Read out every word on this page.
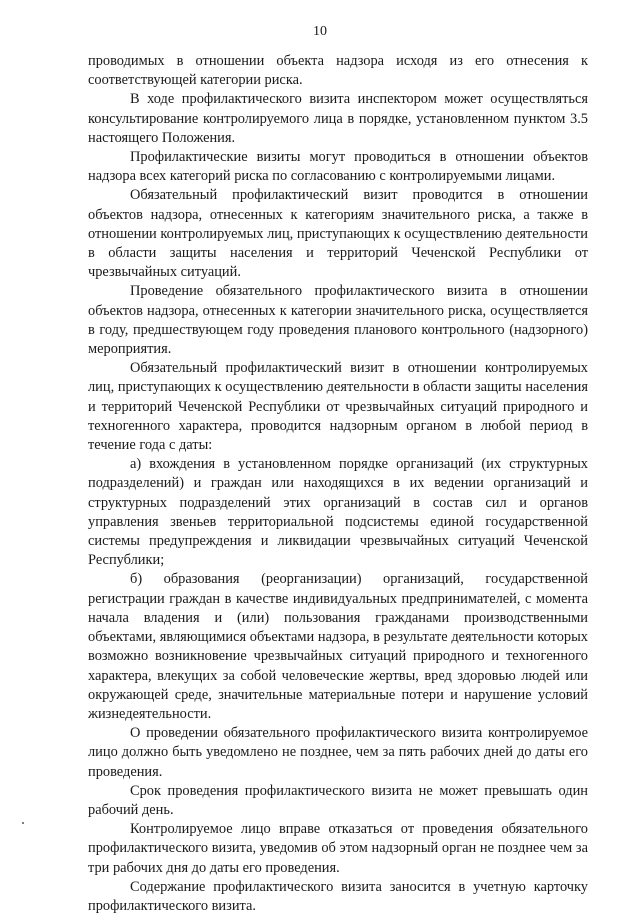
10

проводимых в отношении объекта надзора исходя из его отнесения к соответствующей категории риска.

В ходе профилактического визита инспектором может осуществляться консультирование контролируемого лица в порядке, установленном пунктом 3.5 настоящего Положения.

Профилактические визиты могут проводиться в отношении объектов надзора всех категорий риска по согласованию с контролируемыми лицами.

Обязательный профилактический визит проводится в отношении объектов надзора, отнесенных к категориям значительного риска, а также в отношении контролируемых лиц, приступающих к осуществлению деятельности в области защиты населения и территорий Чеченской Республики от чрезвычайных ситуаций.

Проведение обязательного профилактического визита в отношении объектов надзора, отнесенных к категории значительного риска, осуществляется в году, предшествующем году проведения планового контрольного (надзорного) мероприятия.

Обязательный профилактический визит в отношении контролируемых лиц, приступающих к осуществлению деятельности в области защиты населения и территорий Чеченской Республики от чрезвычайных ситуаций природного и техногенного характера, проводится надзорным органом в любой период в течение года с даты:

а) вхождения в установленном порядке организаций (их структурных подразделений) и граждан или находящихся в их ведении организаций и структурных подразделений этих организаций в состав сил и органов управления звеньев территориальной подсистемы единой государственной системы предупреждения и ликвидации чрезвычайных ситуаций Чеченской Республики;

б) образования (реорганизации) организаций, государственной регистрации граждан в качестве индивидуальных предпринимателей, с момента начала владения и (или) пользования гражданами производственными объектами, являющимися объектами надзора, в результате деятельности которых возможно возникновение чрезвычайных ситуаций природного и техногенного характера, влекущих за собой человеческие жертвы, вред здоровью людей или окружающей среде, значительные материальные потери и нарушение условий жизнедеятельности.

О проведении обязательного профилактического визита контролируемое лицо должно быть уведомлено не позднее, чем за пять рабочих дней до даты его проведения.

Срок проведения профилактического визита не может превышать один рабочий день.

Контролируемое лицо вправе отказаться от проведения обязательного профилактического визита, уведомив об этом надзорный орган не позднее чем за три рабочих дня до даты его проведения.

Содержание профилактического визита заносится в учетную карточку профилактического визита.
